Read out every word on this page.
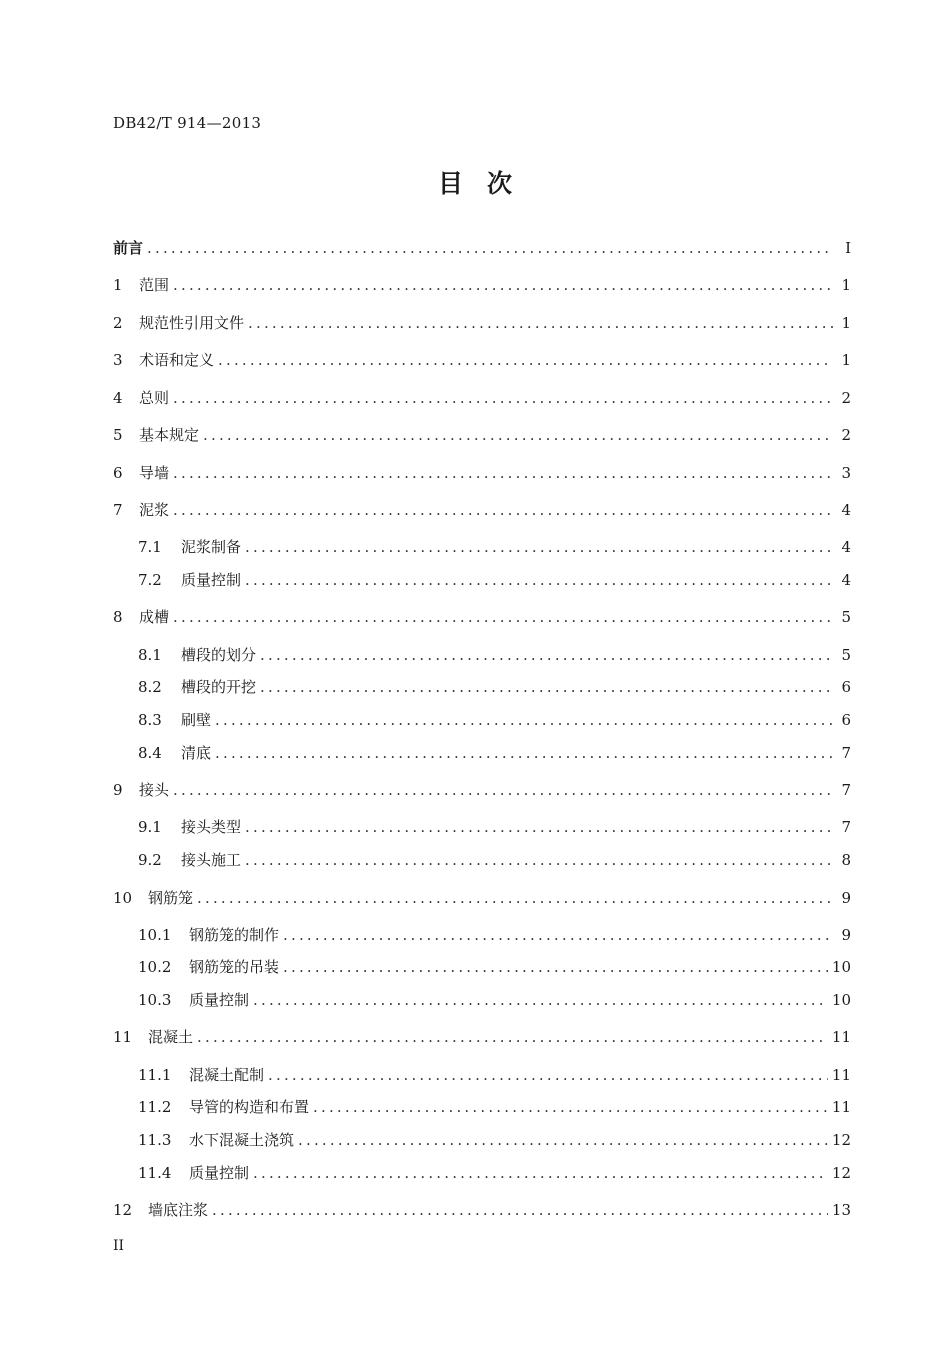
DB42/T 914—2013
目 次
前言 .....	I
1	范围 .....	1
2	规范性引用文件 .....	1
3	术语和定义 .....	1
4	总则 .....	2
5	基本规定 .....	2
6	导墙 .....	3
7	泥浆 .....	4
7.1	泥浆制备 .....	4
7.2	质量控制 .....	4
8	成槽 .....	5
8.1	槽段的划分 .....	5
8.2	槽段的开挖 .....	6
8.3	刷壁 .....	6
8.4	清底 .....	7
9	接头 .....	7
9.1	接头类型 .....	7
9.2	接头施工 .....	8
10	钢筋笼 .....	9
10.1	钢筋笼的制作 .....	9
10.2	钢筋笼的吊装 .....	10
10.3	质量控制 .....	10
11	混凝土 .....	11
11.1	混凝土配制 .....	11
11.2	导管的构造和布置 .....	11
11.3	水下混凝土浇筑 .....	12
11.4	质量控制 .....	12
12	墙底注浆 .....	13
II
